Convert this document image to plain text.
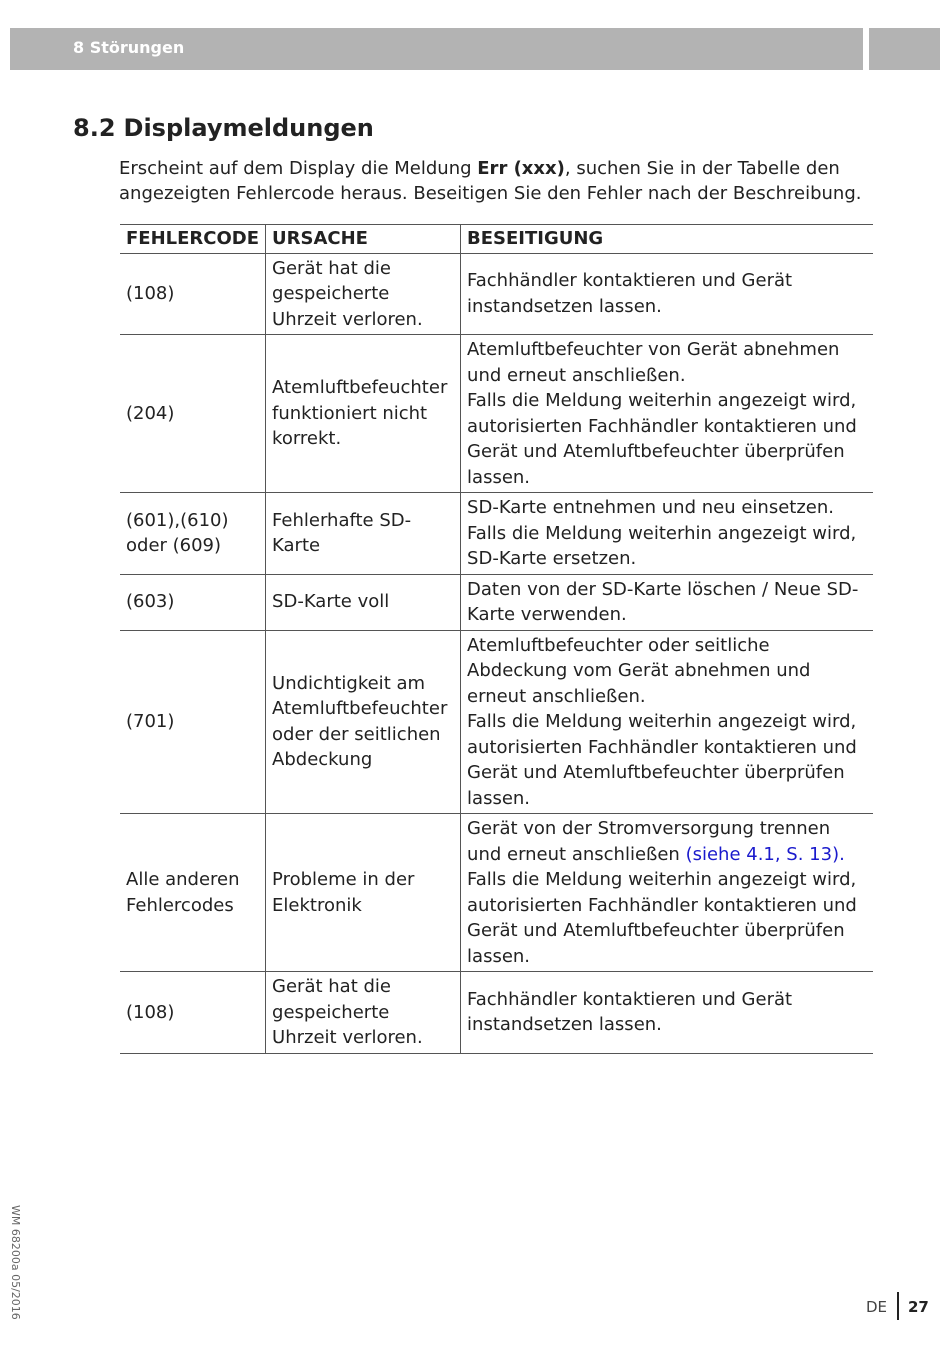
8 Störungen
8.2 Displaymeldungen

Erscheint auf dem Display die Meldung Err (xxx), suchen Sie in der Tabelle den angezeigten Fehlercode heraus. Beseitigen Sie den Fehler nach der Beschreibung.

FEHLERCODE	URSACHE	BESEITIGUNG
(108)	Gerät hat die gespeicherte Uhrzeit verloren.	Fachhändler kontaktieren und Gerät instandsetzen lassen.

(204)	Atemluftbefeuchter funktioniert nicht korrekt.	Atemluftbefeuchter von Gerät abnehmen und erneut anschließen.
Falls die Meldung weiterhin angezeigt wird, autorisierten Fachhändler kontaktieren und Gerät und Atemluftbefeuchter überprüfen lassen.

(601),(610) oder (609)	Fehlerhafte SD-Karte	SD-Karte entnehmen und neu einsetzen. Falls die Meldung weiterhin angezeigt wird, SD-Karte ersetzen.

(603)	SD-Karte voll	Daten von der SD-Karte löschen / Neue SD-Karte verwenden.

(701)	Undichtigkeit am Atemluftbefeuchter oder der seitlichen Abdeckung	Atemluftbefeuchter oder seitliche Abdeckung vom Gerät abnehmen und erneut anschließen.
Falls die Meldung weiterhin angezeigt wird, autorisierten Fachhändler kontaktieren und Gerät und Atemluftbefeuchter überprüfen lassen.

Alle anderen Fehlercodes	Probleme in der Elektronik	Gerät von der Stromversorgung trennen und erneut anschließen (siehe 4.1, S. 13).
Falls die Meldung weiterhin angezeigt wird, autorisierten Fachhändler kontaktieren und Gerät und Atemluftbefeuchter überprüfen lassen.

(108)	Gerät hat die gespeicherte Uhrzeit verloren.	Fachhändler kontaktieren und Gerät instandsetzen lassen.
WM 68200a 05/2016	DE 27
